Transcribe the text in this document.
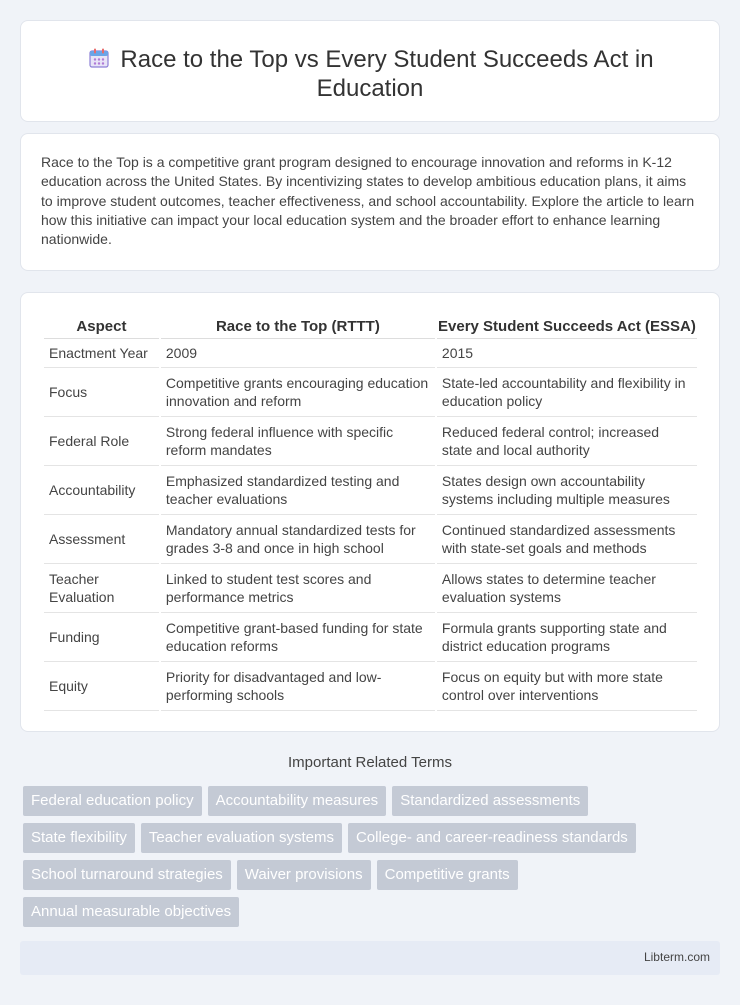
Race to the Top vs Every Student Succeeds Act in
Education

Race to the Top is a competitive grant program designed to encourage innovation and reforms in K-12 education across the United States. By incentivizing states to develop ambitious education plans, it aims to improve student outcomes, teacher effectiveness, and school accountability. Explore the article to learn how this initiative can impact your local education system and the broader effort to enhance learning nationwide.

Aspect	Race to the Top (RTTT)	Every Student Succeeds Act (ESSA)
Enactment Year	2009	2015
Focus	Competitive grants encouraging education innovation and reform	State-led accountability and flexibility in education policy
Federal Role	Strong federal influence with specific reform mandates	Reduced federal control; increased state and local authority
Accountability	Emphasized standardized testing and teacher evaluations	States design own accountability systems including multiple measures
Assessment	Mandatory annual standardized tests for grades 3-8 and once in high school	Continued standardized assessments with state-set goals and methods
Teacher Evaluation	Linked to student test scores and performance metrics	Allows states to determine teacher evaluation systems
Funding	Competitive grant-based funding for state education reforms	Formula grants supporting state and district education programs
Equity	Priority for disadvantaged and low-performing schools	Focus on equity but with more state control over interventions
Important Related Terms
Federal education policy	Accountability measures	Standardized assessments
State flexibility	Teacher evaluation systems	College- and career-readiness standards
School turnaround strategies	Waiver provisions	Competitive grants
Annual measurable objectives
Libterm.com
